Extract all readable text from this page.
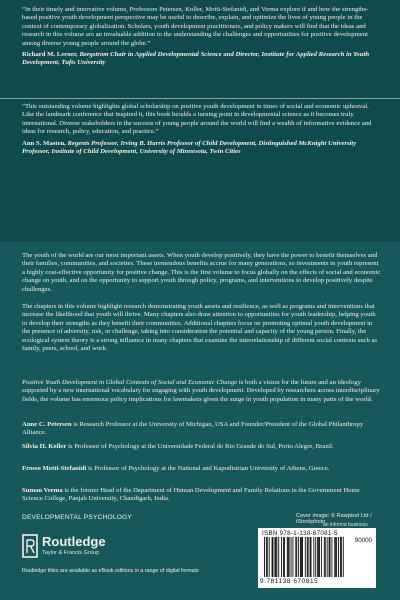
“In their timely and innovative volume, Professors Petersen, Koller, Motti-Stefanidi, and Verma explore if and how the strengths-based positive youth development perspective may be useful to describe, explain, and optimize the lives of young people in the context of contemporary globalization. Scholars, youth development practitioners, and policy makers will find that the ideas and research in this volume are an invaluable addition to the understanding the challenges and opportunities for positive development among diverse young people around the globe.”

Richard M. Lerner, Bergstrom Chair in Applied Developmental Science and Director, Institute for Applied Research in Youth Development, Tufts University

“This outstanding volume highlights global scholarship on positive youth development in times of social and economic upheaval. Like the landmark conference that inspired it, this book heralds a turning point in developmental science as it becomes truly international. Diverse stakeholders in the success of young people around the world will find a wealth of informative evidence and ideas for research, policy, education, and practice.”

Ann S. Masten, Regents Professor, Irving B. Harris Professor of Child Development, Distinguished McKnight University Professor, Institute of Child Development, University of Minnesota, Twin Cities

The youth of the world are our most important assets. When youth develop positively, they have the power to benefit themselves and their families, communities, and societies. These tremendous benefits accrue for many generations, so investments in youth represent a highly cost-effective opportunity for positive change. This is the first volume to focus globally on the effects of social and economic change on youth, and on the opportunity to support youth through policy, programs, and interventions to develop positively despite challenges.
The chapters in this volume highlight research demonstrating youth assets and resilience, as well as programs and interventions that increase the likelihood that youth will thrive. Many chapters also draw attention to opportunities for youth leadership, helping youth to develop their strengths as they benefit their communities. Additional chapters focus on promoting optimal youth development in the presence of adversity, risk, or challenge, taking into consideration the potential and capacity of the young person. Finally, the ecological system theory is a strong influence in many chapters that examine the interrelationship of different social contexts such as family, peers, school, and work.
Positive Youth Development in Global Contexts of Social and Economic Change is both a vision for the future and an ideology supported by a new international vocabulary for engaging with youth development. Developed by researchers across interdisciplinary fields, the volume has enormous policy implications for lawmakers given the surge in youth population in many parts of the world.
Anne C. Petersen is Research Professor at the University of Michigan, USA and Founder/President of the Global Philanthropy Alliance.
Silvia H. Koller is Professor of Psychology at the Universidade Federal do Rio Grande do Sul, Porto Alegre, Brazil.
Frosso Motti-Stefanidi is Professor of Psychology at the National and Kapodistrian University of Athens, Greece.
Suman Verma is the former Head of the Department of Human Development and Family Relations in the Government Home Science College, Panjab University, Chandigarh, India.
DEVELOPMENTAL PSYCHOLOGY
Routledge
Taylor & Francis Group
Routledge titles are available as eBook editions in a range of digital formats
Cover image: © Rawpixel Ltd / iStockphoto
an informa business
ISBN 978-1-138-67081-5
90000
9 781138 670815
